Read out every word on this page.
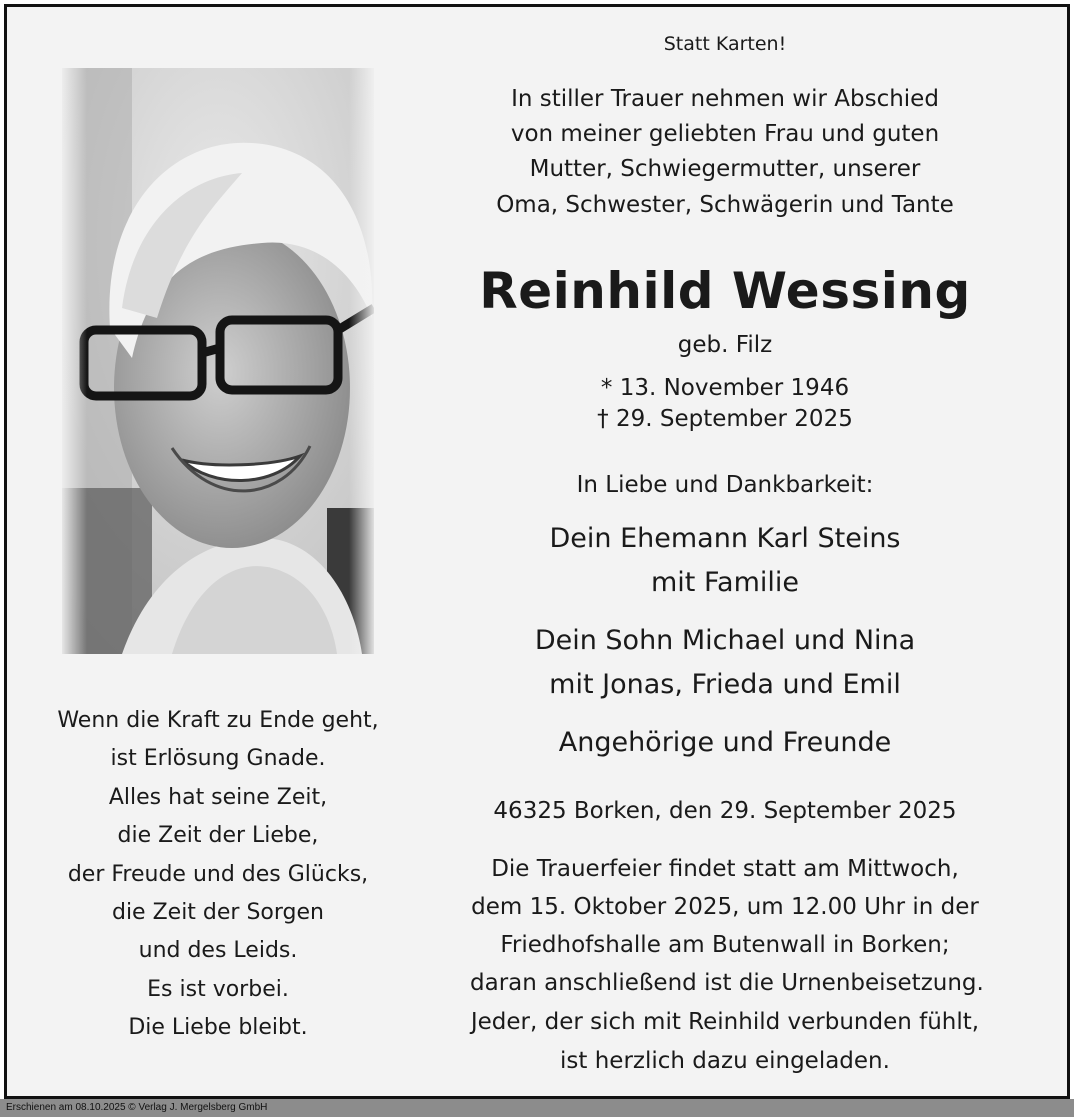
Statt Karten!
In stiller Trauer nehmen wir Abschied
von meiner geliebten Frau und guten
Mutter, Schwiegermutter, unserer
Oma, Schwester, Schwägerin und Tante
Reinhild Wessing
geb. Filz
* 13. November 1946
† 29. September 2025
In Liebe und Dankbarkeit:
Dein Ehemann Karl Steins
mit Familie
Dein Sohn Michael und Nina
mit Jonas, Frieda und Emil
Angehörige und Freunde
46325 Borken, den 29. September 2025
Die Trauerfeier findet statt am Mittwoch,
dem 15. Oktober 2025, um 12.00 Uhr in der
Friedhofshalle am Butenwall in Borken;
daran anschließend ist die Urnenbeisetzung.
Jeder, der sich mit Reinhild verbunden fühlt,
ist herzlich dazu eingeladen.
Wenn die Kraft zu Ende geht,
ist Erlösung Gnade.
Alles hat seine Zeit,
die Zeit der Liebe,
der Freude und des Glücks,
die Zeit der Sorgen
und des Leids.
Es ist vorbei.
Die Liebe bleibt.
Erschienen am 08.10.2025 © Verlag J. Mergelsberg GmbH
